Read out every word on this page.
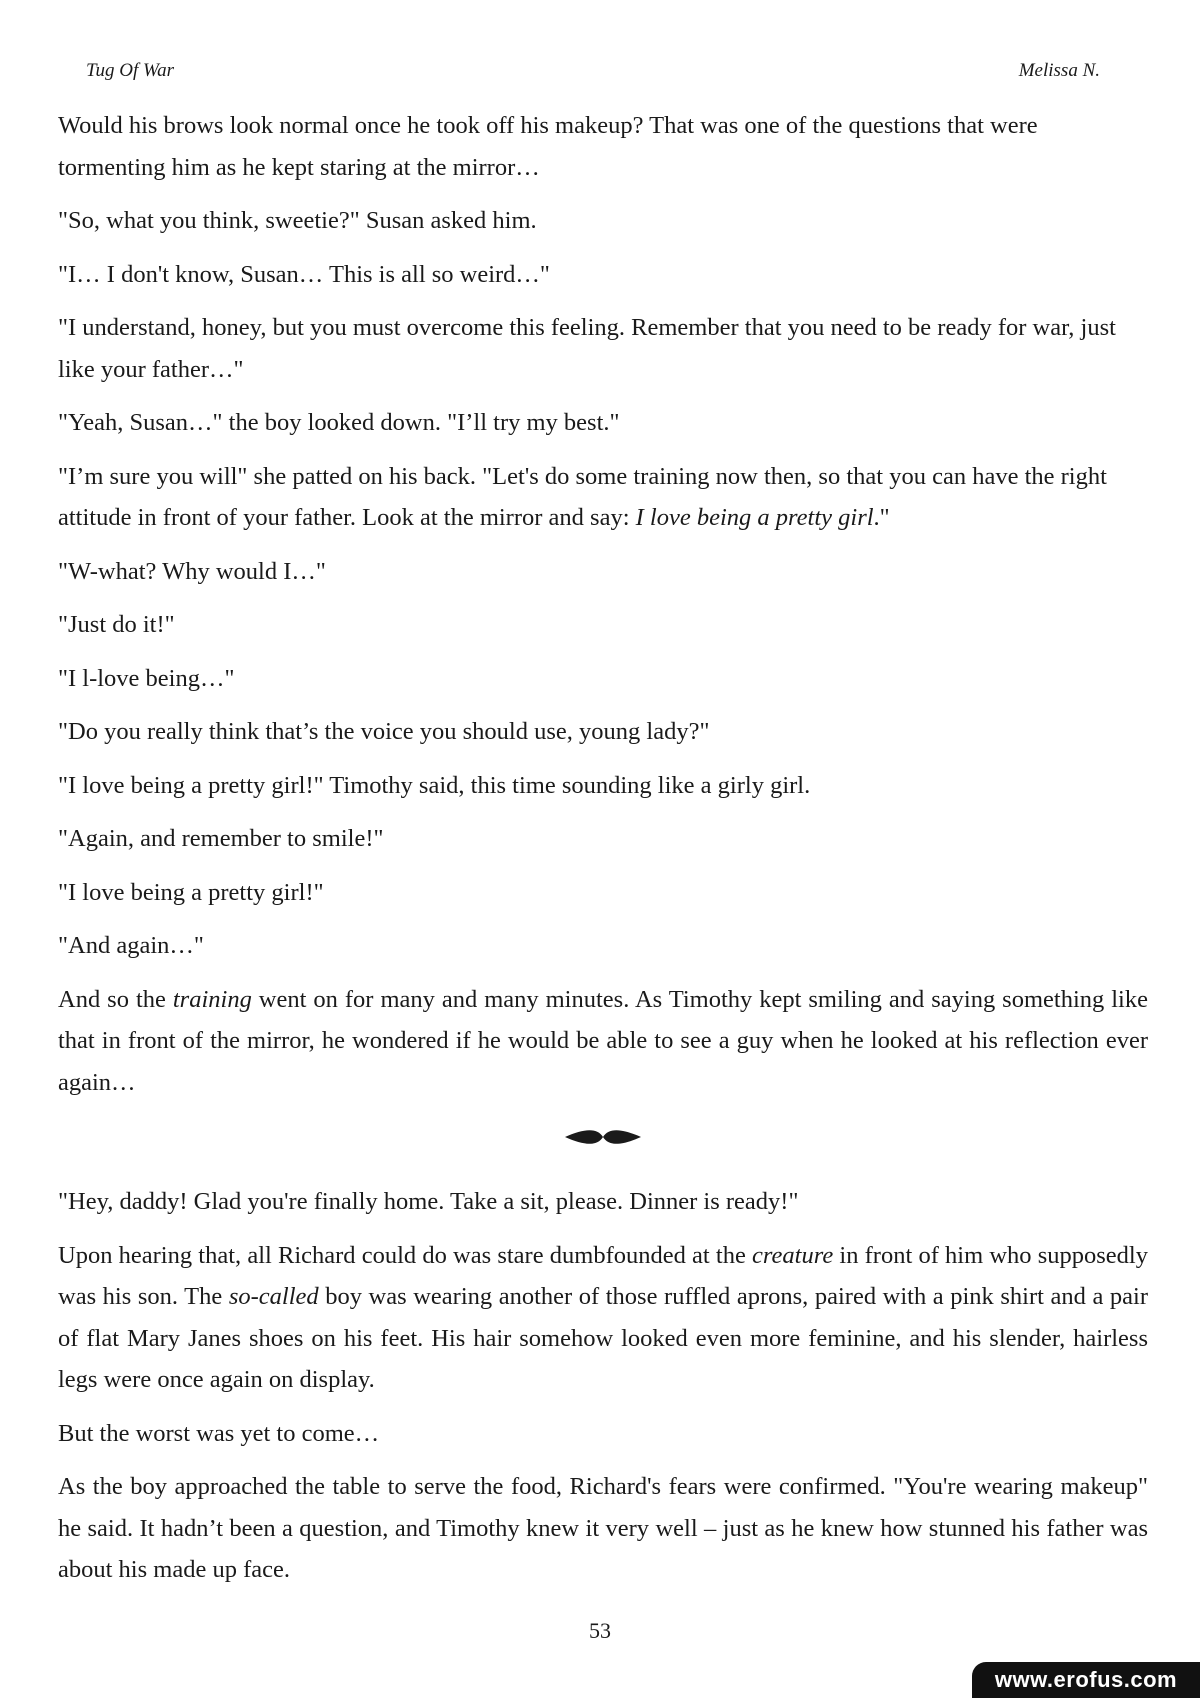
Tug Of War	Melissa N.

Would his brows look normal once he took off his makeup? That was one of the questions that were tormenting him as he kept staring at the mirror…

"So, what you think, sweetie?" Susan asked him.

"I… I don't know, Susan… This is all so weird…"

"I understand, honey, but you must overcome this feeling. Remember that you need to be ready for war, just like your father…"

"Yeah, Susan…" the boy looked down. "I’ll try my best."

"I’m sure you will" she patted on his back. "Let's do some training now then, so that you can have the right attitude in front of your father. Look at the mirror and say: I love being a pretty girl."

"W-what? Why would I…"

"Just do it!"

"I l-love being…"

"Do you really think that’s the voice you should use, young lady?"

"I love being a pretty girl!" Timothy said, this time sounding like a girly girl.

"Again, and remember to smile!"

"I love being a pretty girl!"

"And again…"

And so the training went on for many and many minutes. As Timothy kept smiling and saying something like that in front of the mirror, he wondered if he would be able to see a guy when he looked at his reflection ever again…

"Hey, daddy! Glad you're finally home. Take a sit, please. Dinner is ready!"

Upon hearing that, all Richard could do was stare dumbfounded at the creature in front of him who supposedly was his son. The so-called boy was wearing another of those ruffled aprons, paired with a pink shirt and a pair of flat Mary Janes shoes on his feet. His hair somehow looked even more feminine, and his slender, hairless legs were once again on display.

But the worst was yet to come…

As the boy approached the table to serve the food, Richard's fears were confirmed. "You're wearing makeup" he said. It hadn’t been a question, and Timothy knew it very well – just as he knew how stunned his father was about his made up face.

53
www.erofus.com
